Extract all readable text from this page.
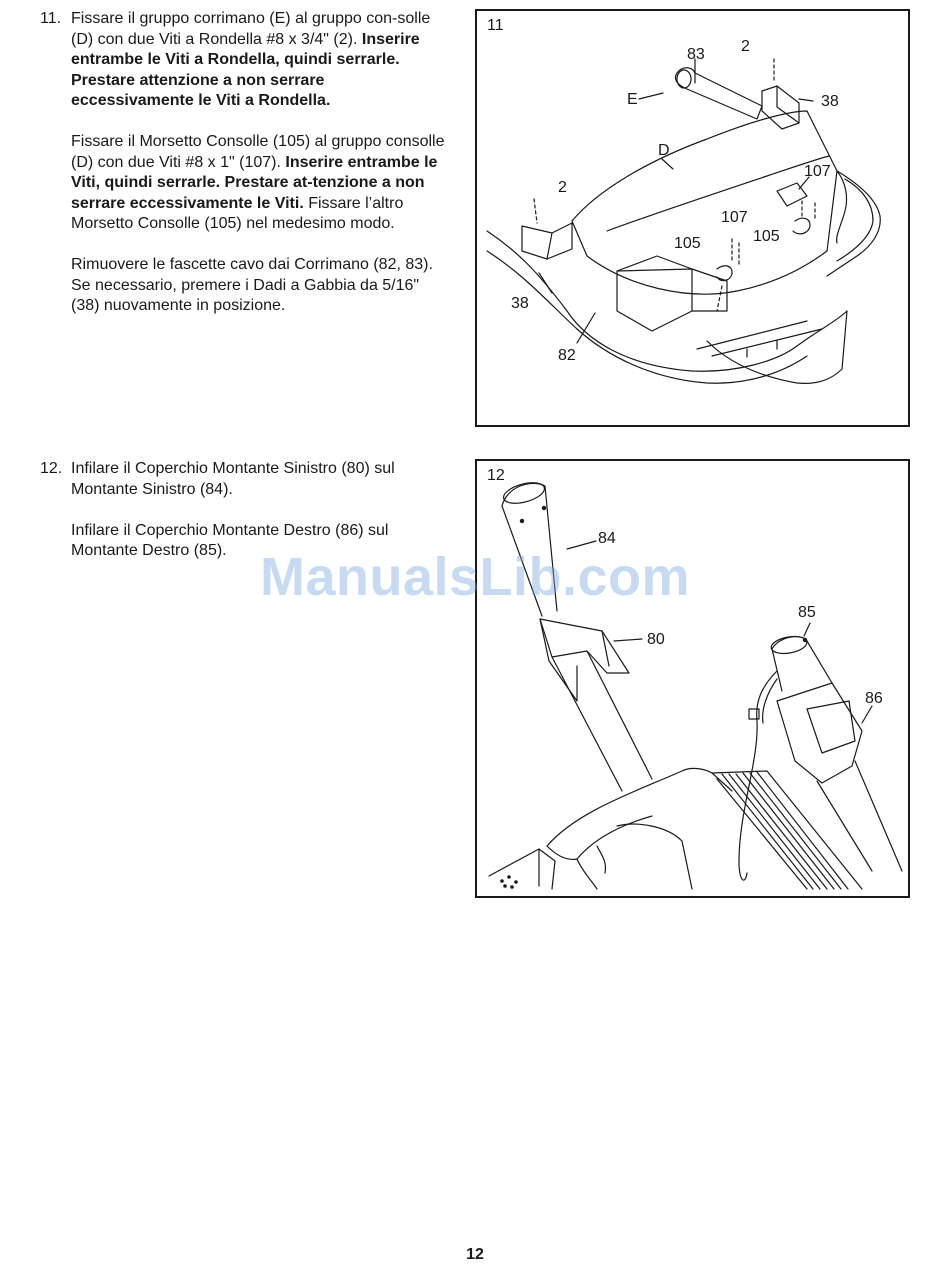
11. Fissare il gruppo corrimano (E) al gruppo con-solle (D) con due Viti a Rondella #8 x 3/4" (2). Inserire entrambe le Viti a Rondella, quindi serrarle. Prestare attenzione a non serrare eccessivamente le Viti a Rondella.

Fissare il Morsetto Consolle (105) al gruppo consolle (D) con due Viti #8 x 1" (107). Inserire entrambe le Viti, quindi serrarle. Prestare at-tenzione a non serrare eccessivamente le Viti. Fissare l’altro Morsetto Consolle (105) nel medesimo modo.

Rimuovere le fascette cavo dai Corrimano (82, 83). Se necessario, premere i Dadi a Gabbia da 5/16" (38) nuovamente in posizione.

11
83 2
E	38
D
107
2
107
105
105
38
82
12. Infilare il Coperchio Montante Sinistro (80) sul Montante Sinistro (84).

Infilare il Coperchio Montante Destro (86) sul Montante Destro (85).

12
84
80
85
86
ManualsLib.com
12
